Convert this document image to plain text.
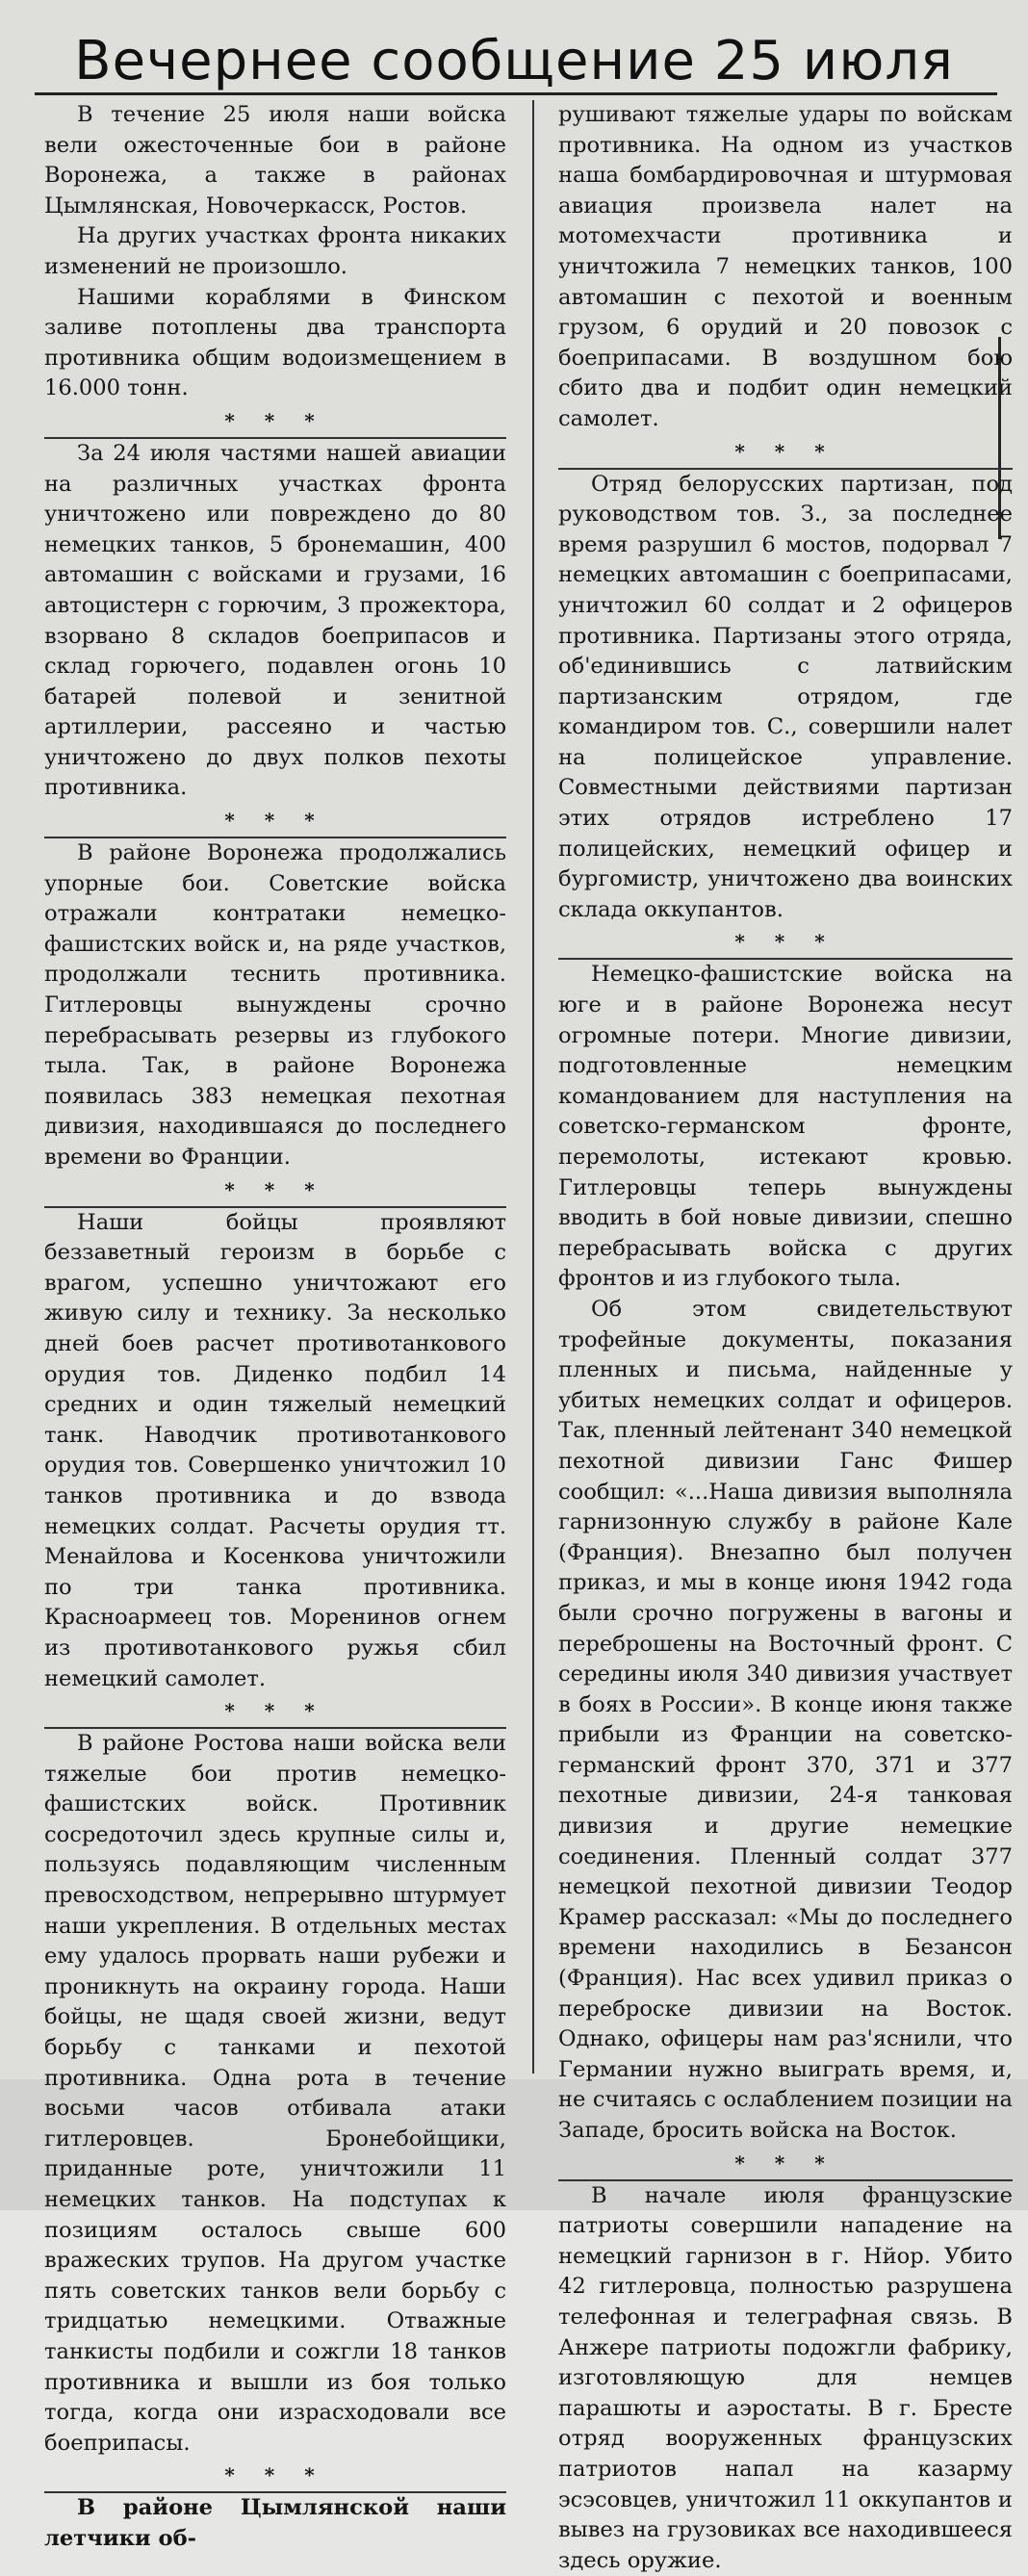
Вечернее сообщение 25 июля

В течение 25 июля наши войска вели ожесточенные бои в районе Воронежа, а также в районах Цымлянская, Новочеркасск, Ростов.

На других участках фронта никаких изменений не произошло.

Нашими кораблями в Финском заливе потоплены два транспорта противника общим водоизмещением в 16.000 тонн.

* * *

За 24 июля частями нашей авиации на различных участках фронта уничтожено или повреждено до 80 немецких танков, 5 бронемашин, 400 автомашин с войсками и грузами, 16 автоцистерн с горючим, 3 прожектора, взорвано 8 складов боеприпасов и склад горючего, подавлен огонь 10 батарей полевой и зенитной артиллерии, рассеяно и частью уничтожено до двух полков пехоты противника.

* * *

В районе Воронежа продолжались упорные бои. Советские войска отражали контратаки немецко-фашистских войск и, на ряде участков, продолжали теснить противника. Гитлеровцы вынуждены срочно перебрасывать резервы из глубокого тыла. Так, в районе Воронежа появилась 383 немецкая пехотная дивизия, находившаяся до последнего времени во Франции.

* * *

Наши бойцы проявляют беззаветный героизм в борьбе с врагом, успешно уничтожают его живую силу и технику. За несколько дней боев расчет противотанкового орудия тов. Диденко подбил 14 средних и один тяжелый немецкий танк. Наводчик противотанкового орудия тов. Совершенко уничтожил 10 танков противника и до взвода немецких солдат. Расчеты орудия тт. Менайлова и Косенкова уничтожили по три танка противника. Красноармеец тов. Моренинов огнем из противотанкового ружья сбил немецкий самолет.

* * *

В районе Ростова наши войска вели тяжелые бои против немецко-фашистских войск. Противник сосредоточил здесь крупные силы и, пользуясь подавляющим численным превосходством, непрерывно штурмует наши укрепления. В отдельных местах ему удалось прорвать наши рубежи и проникнуть на окраину города. Наши бойцы, не щадя своей жизни, ведут борьбу с танками и пехотой противника. Одна рота в течение восьми часов отбивала атаки гитлеровцев. Бронебойщики, приданные роте, уничтожили 11 немецких танков. На подступах к позициям осталось свыше 600 вражеских трупов. На другом участке пять советских танков вели борьбу с тридцатью немецкими. Отважные танкисты подбили и сожгли 18 танков противника и вышли из боя только тогда, когда они израсходовали все боеприпасы.

* * *

В районе Цымлянской наши летчики об-

рушивают тяжелые удары по войскам противника. На одном из участков наша бомбардировочная и штурмовая авиация произвела налет на мотомехчасти противника и уничтожила 7 немецких танков, 100 автомашин с пехотой и военным грузом, 6 орудий и 20 повозок с боеприпасами. В воздушном бою сбито два и подбит один немецкий самолет.

* * *

Отряд белорусских партизан, под руководством тов. З., за последнее время разрушил 6 мостов, подорвал 7 немецких автомашин с боеприпасами, уничтожил 60 солдат и 2 офицеров противника. Партизаны этого отряда, об'единившись с латвийским партизанским отрядом, где командиром тов. С., совершили налет на полицейское управление. Совместными действиями партизан этих отрядов истреблено 17 полицейских, немецкий офицер и бургомистр, уничтожено два воинских склада оккупантов.

* * *

Немецко-фашистские войска на юге и в районе Воронежа несут огромные потери. Многие дивизии, подготовленные немецким командованием для наступления на советско-германском фронте, перемолоты, истекают кровью. Гитлеровцы теперь вынуждены вводить в бой новые дивизии, спешно перебрасывать войска с других фронтов и из глубокого тыла.

Об этом свидетельствуют трофейные документы, показания пленных и письма, найденные у убитых немецких солдат и офицеров. Так, пленный лейтенант 340 немецкой пехотной дивизии Ганс Фишер сообщил: «...Наша дивизия выполняла гарнизонную службу в районе Кале (Франция). Внезапно был получен приказ, и мы в конце июня 1942 года были срочно погружены в вагоны и переброшены на Восточный фронт. С середины июля 340 дивизия участвует в боях в России». В конце июня также прибыли из Франции на советско-германский фронт 370, 371 и 377 пехотные дивизии, 24-я танковая дивизия и другие немецкие соединения. Пленный солдат 377 немецкой пехотной дивизии Теодор Крамер рассказал: «Мы до последнего времени находились в Безансон (Франция). Нас всех удивил приказ о переброске дивизии на Восток. Однако, офицеры нам раз'яснили, что Германии нужно выиграть время, и, не считаясь с ослаблением позиции на Западе, бросить войска на Восток.

* * *

В начале июля французские патриоты совершили нападение на немецкий гарнизон в г. Нйор. Убито 42 гитлеровца, полностью разрушена телефонная и телеграфная связь. В Анжере патриоты подожгли фабрику, изготовляющую для немцев парашюты и аэростаты. В г. Бресте отряд вооруженных французских патриотов напал на казарму эсэсовцев, уничтожил 11 оккупантов и вывез на грузовиках все находившееся здесь оружие.
